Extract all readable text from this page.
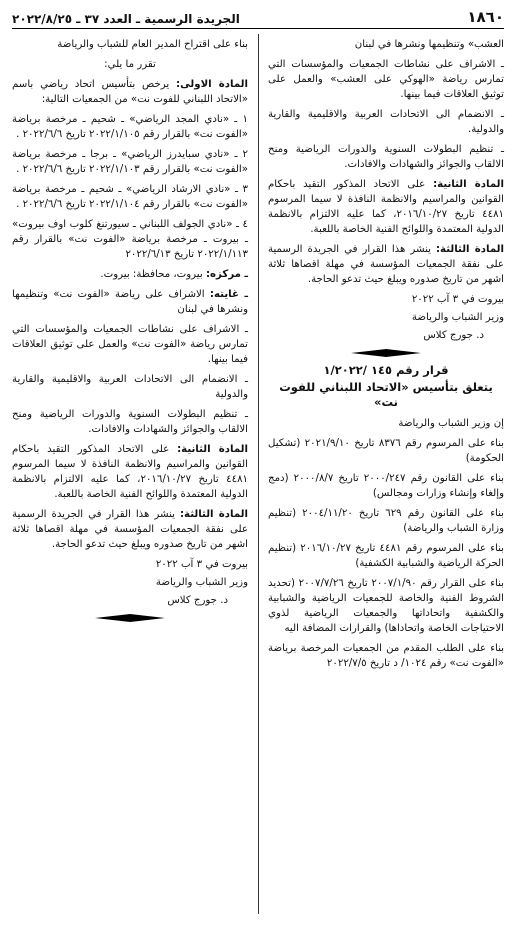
١٨٦٠
الجريدة الرسمية ـ العدد ٣٧ ـ ٢٠٢٢/٨/٢٥

العشب» وتنظيمها ونشرها في لبنان

ـ الاشراف على نشاطات الجمعيات والمؤسسات التي تمارس رياضة «الهوكي على العشب» والعمل على توثيق العلاقات فيما بينها.

ـ الانضمام الى الاتحادات العربية والاقليمية والقارية والدولية.

ـ تنظيم البطولات السنوية والدورات الرياضية ومنح الالقاب والجوائز والشهادات والافادات.

المادة الثانية: على الاتحاد المذكور التقيد باحكام القوانين والمراسيم والانظمة النافذة لا سيما المرسوم ٤٤٨١ تاريخ ٢٠١٦/١٠/٢٧، كما عليه الالتزام بالانظمة الدولية المعتمدة واللوائح الفنية الخاصة باللعبة.

المادة الثالثة: ينشر هذا القرار في الجريدة الرسمية على نفقة الجمعيات المؤسسة في مهلة اقصاها ثلاثة اشهر من تاريخ صدوره ويبلغ حيث تدعو الحاجة.

بيروت في ٣ آب ٢٠٢٢

وزير الشباب والرياضة

د. جورج كلاس

قرار رقم ١٤٥ /١/٢٠٢٢
يتعلق بتأسيس «الاتحاد اللبناني للفوت نت»

إن وزير الشباب والرياضة

بناء على المرسوم رقم ٨٣٧٦ تاريخ ٢٠٢١/٩/١٠ (تشكيل الحكومة)

بناء على القانون رقم ٢٠٠٠/٢٤٧ تاريخ ٢٠٠٠/٨/٧ (دمج وإلغاء وإنشاء وزارات ومجالس)

بناء على القانون رقم ٦٢٩ تاريخ ٢٠٠٤/١١/٢٠ (تنظيم وزارة الشباب والرياضة)

بناء على المرسوم رقم ٤٤٨١ تاريخ ٢٠١٦/١٠/٢٧ (تنظيم الحركة الرياضية والشبابية الكشفية)

بناء على القرار رقم ٢٠٠٧/١/٩٠ تاريخ ٢٠٠٧/٧/٢٦ (تحديد الشروط الفنية والخاصة للجمعيات الرياضية والشبابية والكشفية واتحاداتها والجمعيات الرياضية لذوي الاحتياجات الخاصة واتحاداها) والقرارات المضافة اليه

بناء على الطلب المقدم من الجمعيات المرخصة برياضة «الفوت نت» رقم ١٠٢٤/ د تاريخ ٢٠٢٢/٧/٥

بناء على اقتراح المدير العام للشباب والرياضة

تقرر ما يلي:

المادة الاولى: يرخص بتأسيس اتحاد رياضي باسم «الاتحاد اللبناني للفوت نت» من الجمعيات التالية:

١ ـ «نادي المجد الرياضي» ـ شحيم ـ مرخصة برياضة «الفوت نت» بالقرار رقم ٢٠٢٢/١/١٠٥ تاريخ ٢٠٢٢/٦/٦ .

٢ ـ «نادي سبايدرز الرياضي» ـ برجا ـ مرخصة برياضة «الفوت نت» بالقرار رقم ٢٠٢٢/١/١٠٣ تاريخ ٢٠٢٢/٦/٦ .

٣ ـ «نادي الارشاد الرياضي» ـ شحيم ـ مرخصة برياضة «الفوت نت» بالقرار رقم ٢٠٢٢/١/١٠٤ تاريخ ٢٠٢٢/٦/٦ .

٤ ـ «نادي الجولف اللبناني ـ سيورتنغ كلوب اوف بيروت» ـ بيروت ـ مرخصة برياضة «الفوت نت» بالقرار رقم ٢٠٢٢/١/١١٣ تاريخ ٢٠٢٢/٦/١٣

ـ مركزه: بيروت، محافظة: بيروت.

ـ غايته: الاشراف على رياضة «الفوت نت» وتنظيمها ونشرها في لبنان

ـ الاشراف على نشاطات الجمعيات والمؤسسات التي تمارس رياضة «الفوت نت» والعمل على توثيق العلاقات فيما بينها.

ـ الانضمام الى الاتحادات العربية والاقليمية والقارية والدولية

ـ تنظيم البطولات السنوية والدورات الرياضية ومنح الالقاب والجوائز والشهادات والافادات.

المادة الثانية: على الاتحاد المذكور التقيد باحكام القوانين والمراسيم والانظمة النافذة لا سيما المرسوم ٤٤٨١ تاريخ ٢٠١٦/١٠/٢٧، كما عليه الالتزام بالانظمة الدولية المعتمدة واللوائح الفنية الخاصة باللعبة.

المادة الثالثة: ينشر هذا القرار في الجريدة الرسمية على نفقة الجمعيات المؤسسة في مهلة اقصاها ثلاثة اشهر من تاريخ صدوره ويبلغ حيث تدعو الحاجة.

بيروت في ٣ آب ٢٠٢٢

وزير الشباب والرياضة

د. جورج كلاس
